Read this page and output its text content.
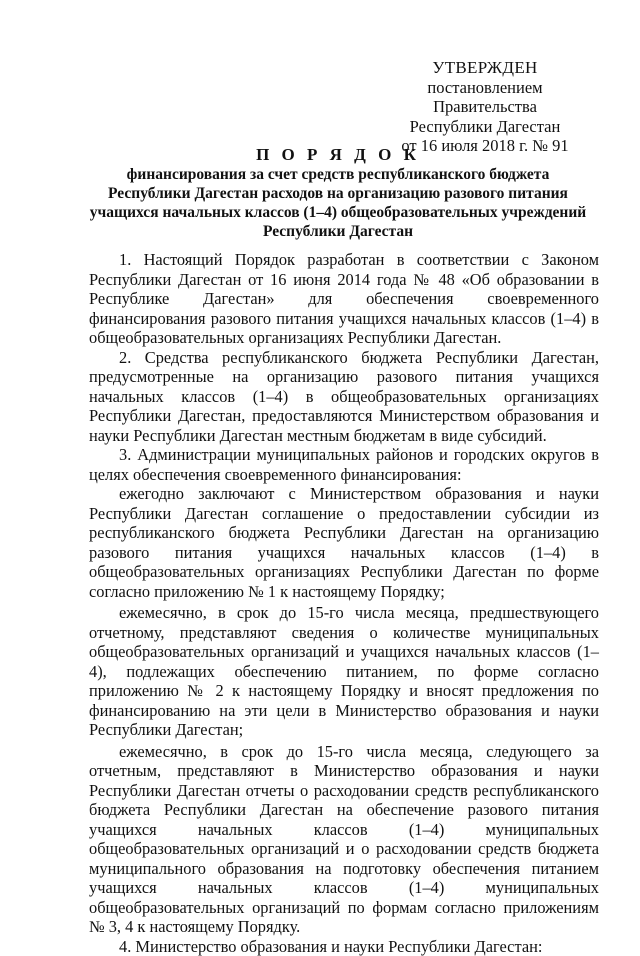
УТВЕРЖДЕН
постановлением Правительства
Республики Дагестан
от 16 июля 2018 г. № 91
П О Р Я Д О К
финансирования за счет средств республиканского бюджета
Республики Дагестан расходов на организацию разового питания
учащихся начальных классов (1–4) общеобразовательных учреждений
Республики Дагестан

1. Настоящий Порядок разработан в соответствии с Законом Республики Дагестан от 16 июня 2014 года № 48 «Об образовании в Республике Дагестан» для обеспечения своевременного финансирования разового питания учащихся начальных классов (1–4) в общеобразовательных организациях Республики Дагестан.

2. Средства республиканского бюджета Республики Дагестан, предусмотренные на организацию разового питания учащихся начальных классов (1–4) в общеобразовательных организациях Республики Дагестан, предоставляются Министерством образования и науки Республики Дагестан местным бюджетам в виде субсидий.

3. Администрации муниципальных районов и городских округов в целях обеспечения своевременного финансирования:

ежегодно заключают с Министерством образования и науки Республики Дагестан соглашение о предоставлении субсидии из республиканского бюджета Республики Дагестан на организацию разового питания учащихся начальных классов (1–4) в общеобразовательных организациях Республики Дагестан по форме согласно приложению № 1 к настоящему Порядку;

ежемесячно, в срок до 15-го числа месяца, предшествующего отчетному, представляют сведения о количестве муниципальных общеобразовательных организаций и учащихся начальных классов (1–4), подлежащих обеспечению питанием, по форме согласно приложению № 2 к настоящему Порядку и вносят предложения по финансированию на эти цели в Министерство образования и науки Республики Дагестан;

ежемесячно, в срок до 15-го числа месяца, следующего за отчетным, представляют в Министерство образования и науки Республики Дагестан отчеты о расходовании средств республиканского бюджета Республики Дагестан на обеспечение разового питания учащихся начальных классов (1–4) муниципальных общеобразовательных организаций и о расходовании средств бюджета муниципального образования на подготовку обеспечения питанием учащихся начальных классов (1–4) муниципальных общеобразовательных организаций по формам согласно приложениям № 3, 4 к настоящему Порядку.

4. Министерство образования и науки Республики Дагестан:
